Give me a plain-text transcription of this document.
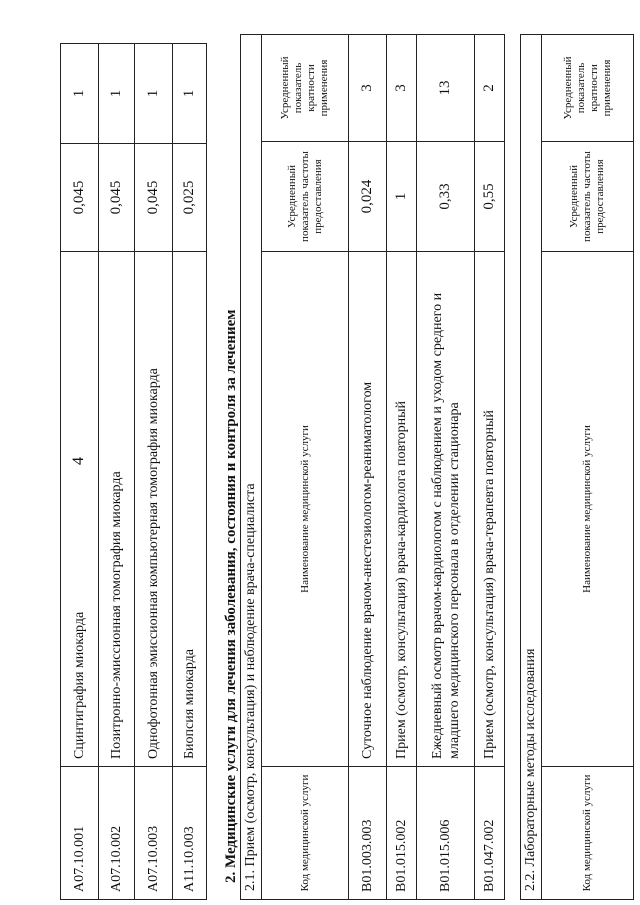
4
A07.10.001	Сцинтиграфия миокарда	0,045	1
A07.10.002	Позитронно-эмиссионная томография миокарда	0,045	1
A07.10.003	Однофотонная эмиссионная компьютерная томография миокарда	0,045	1
A11.10.003	Биопсия миокарда	0,025	1
2. Медицинские услуги для лечения заболевания, состояния и контроля за лечением 2.1. Прием (осмотр, консультация) и наблюдение врача-специалиста			
Код медицинской услуги	Наименование медицинской услуги	Усредненный показатель частоты предоставления	Усредненный показатель кратности применения
B01.003.003	Суточное наблюдение врачом-анестезиологом-реаниматологом	0,024	3
B01.015.002	Прием (осмотр, консультация) врача-кардиолога повторный	1	3
B01.015.006	Ежедневный осмотр врачом-кардиологом с наблюдением и уходом среднего и младшего медицинского персонала в отделении стационара	0,33	13
B01.047.002	Прием (осмотр, консультация) врача-терапевта повторный	0,55	2
2.2. Лабораторные методы исследования
Код медицинской услуги	Наименование медицинской услуги	Усредненный показатель частоты предоставления	Усредненный показатель кратности применения
